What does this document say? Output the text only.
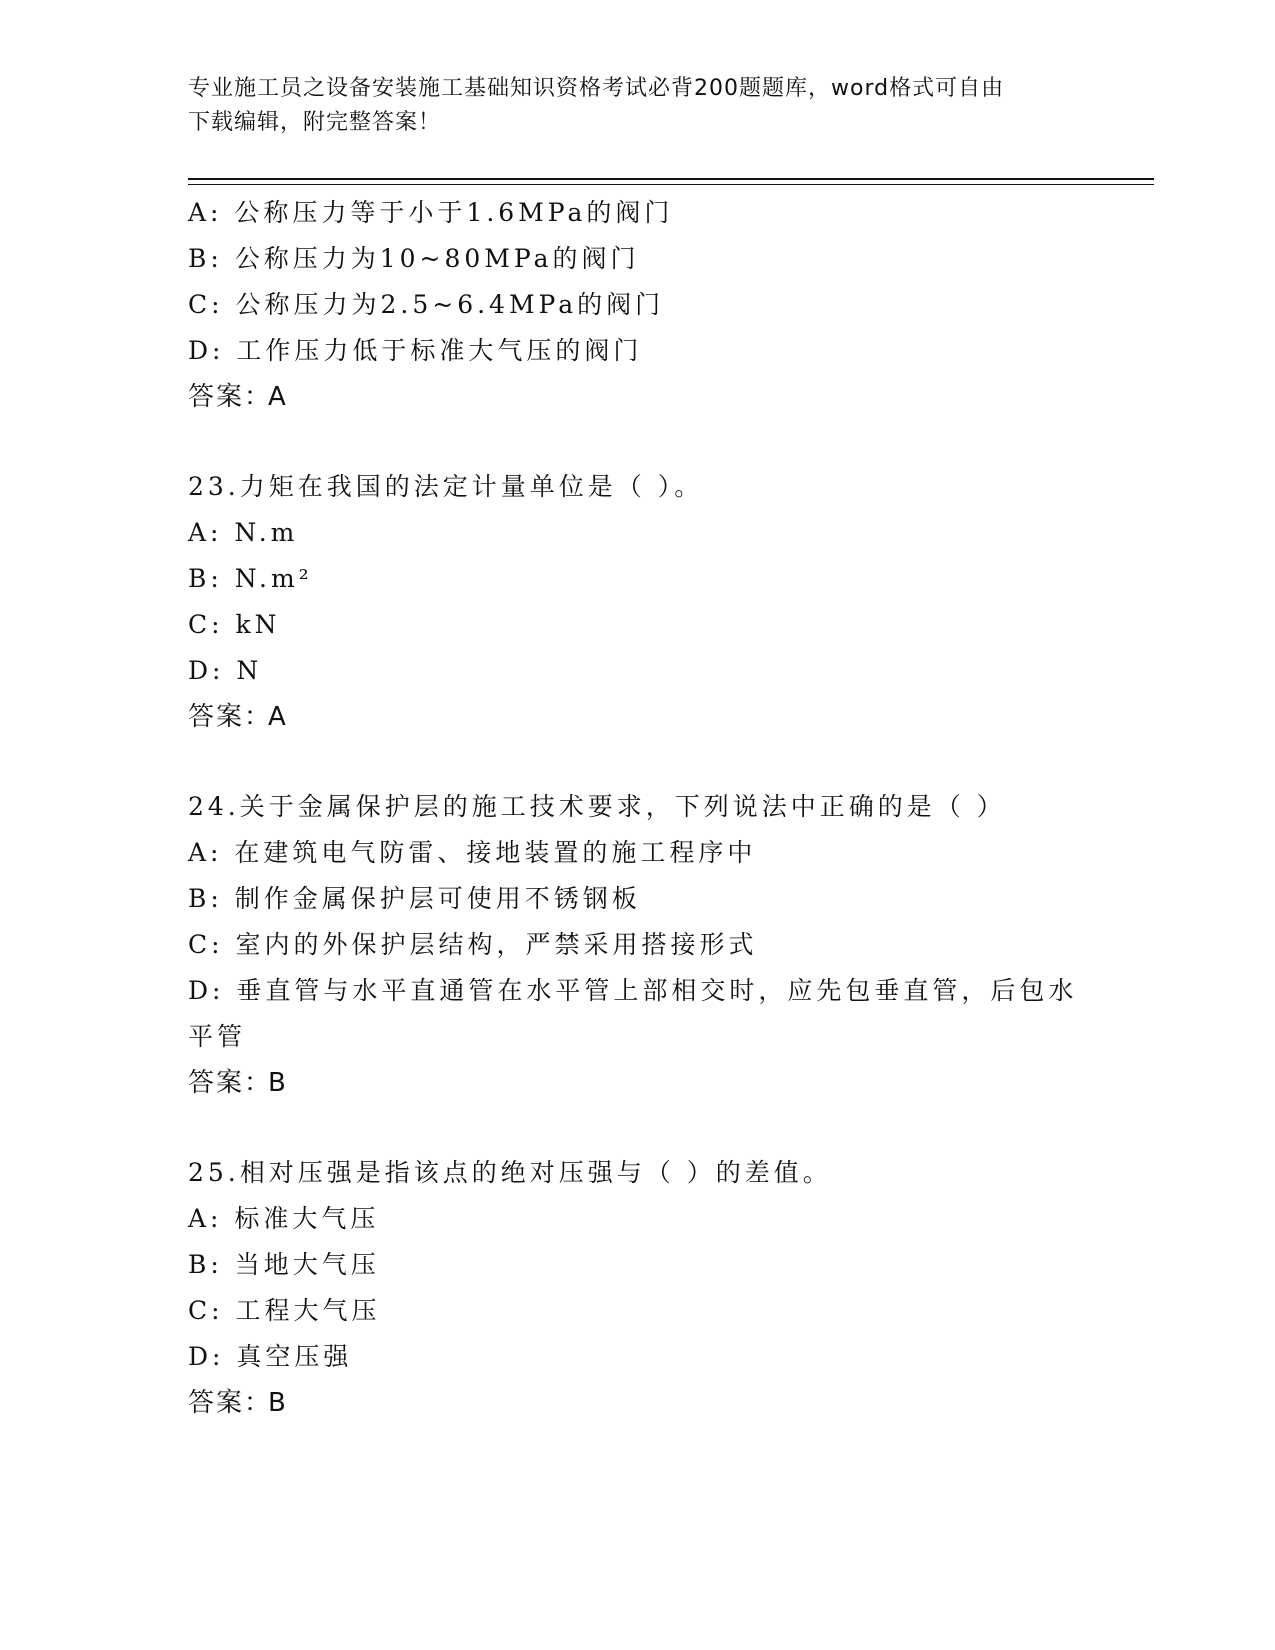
专业施工员之设备安装施工基础知识资格考试必背200题题库，word格式可自由
下载编辑，附完整答案！
A: 公称压力等于小于1.6MPa的阀门
B: 公称压力为10~80MPa的阀门
C: 公称压力为2.5~6.4MPa的阀门
D: 工作压力低于标准大气压的阀门
答案：A
23.力矩在我国的法定计量单位是（ ）。
A: N.m
B: N.m²
C: kN
D: N
答案：A
24.关于金属保护层的施工技术要求，下列说法中正确的是（ ）
A: 在建筑电气防雷、接地装置的施工程序中
B: 制作金属保护层可使用不锈钢板
C: 室内的外保护层结构，严禁采用搭接形式
D: 垂直管与水平直通管在水平管上部相交时，应先包垂直管，后包水
平管
答案：B
25.相对压强是指该点的绝对压强与（ ）的差值。
A: 标准大气压
B: 当地大气压
C: 工程大气压
D: 真空压强
答案：B
